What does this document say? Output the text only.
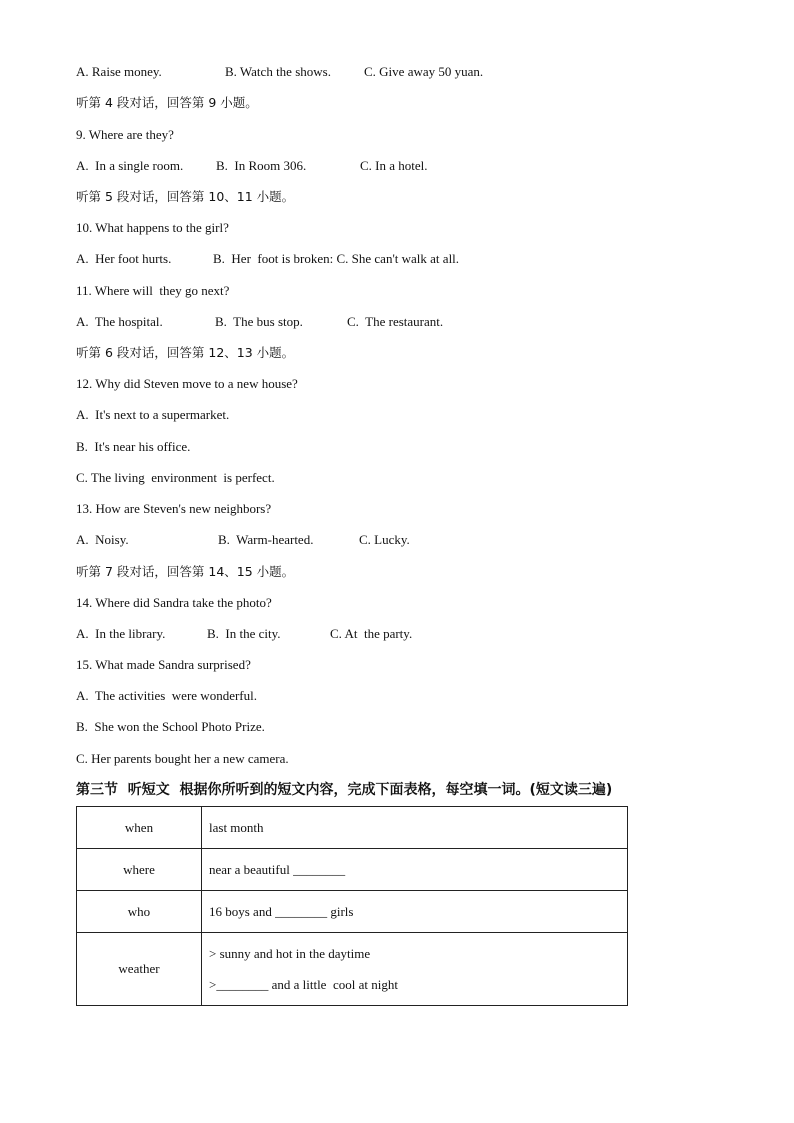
A. Raise money.	B. Watch the shows.	C. Give away 50 yuan.
听第 4 段对话，回答第 9 小题。
9. Where are they?
A.  In a single room.	B.  In Room 306.	C. In a hotel.
听第 5 段对话，回答第 10、11 小题。
10. What happens to the girl?
A.  Her foot hurts.	B.  Her  foot is broken: C. She can't walk at all.
11. Where will  they go next?
A.  The hospital.	B.  The bus stop.	C.  The restaurant.
听第 6 段对话，回答第 12、13 小题。
12. Why did Steven move to a new house?
A.  It's next to a supermarket.
B.  It's near his office.
C. The living  environment  is perfect.
13. How are Steven's new neighbors?
A.  Noisy.	B.  Warm-hearted.	C. Lucky.
听第 7 段对话，回答第 14、15 小题。
14. Where did Sandra take the photo?
A.  In the library.	B.  In the city.	C. At  the party.
15. What made Sandra surprised?
A.  The activities  were wonderful.
B.  She won the School Photo Prize.
C. Her parents bought her a new camera.
第三节  听短文  根据你所听到的短文内容，完成下面表格，每空填一词。(短文读三遍)
when	last month

where	near a beautiful ________

who	16 boys and ________ girls

weather	> sunny and hot in the daytime
>________ and a little  cool at night
